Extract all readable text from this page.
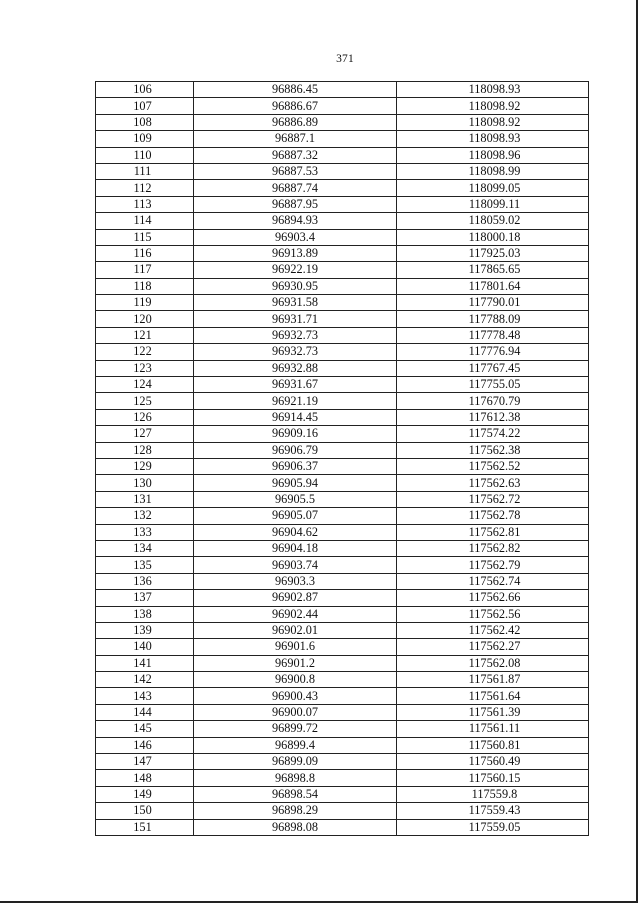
371
106	96886.45	118098.93
107	96886.67	118098.92
108	96886.89	118098.92
109	96887.1	118098.93
110	96887.32	118098.96
111	96887.53	118098.99
112	96887.74	118099.05
113	96887.95	118099.11
114	96894.93	118059.02
115	96903.4	118000.18
116	96913.89	117925.03
117	96922.19	117865.65
118	96930.95	117801.64
119	96931.58	117790.01
120	96931.71	117788.09
121	96932.73	117778.48
122	96932.73	117776.94
123	96932.88	117767.45
124	96931.67	117755.05
125	96921.19	117670.79
126	96914.45	117612.38
127	96909.16	117574.22
128	96906.79	117562.38
129	96906.37	117562.52
130	96905.94	117562.63
131	96905.5	117562.72
132	96905.07	117562.78
133	96904.62	117562.81
134	96904.18	117562.82
135	96903.74	117562.79
136	96903.3	117562.74
137	96902.87	117562.66
138	96902.44	117562.56
139	96902.01	117562.42
140	96901.6	117562.27
141	96901.2	117562.08
142	96900.8	117561.87
143	96900.43	117561.64
144	96900.07	117561.39
145	96899.72	117561.11
146	96899.4	117560.81
147	96899.09	117560.49
148	96898.8	117560.15
149	96898.54	117559.8
150	96898.29	117559.43
151	96898.08	117559.05
